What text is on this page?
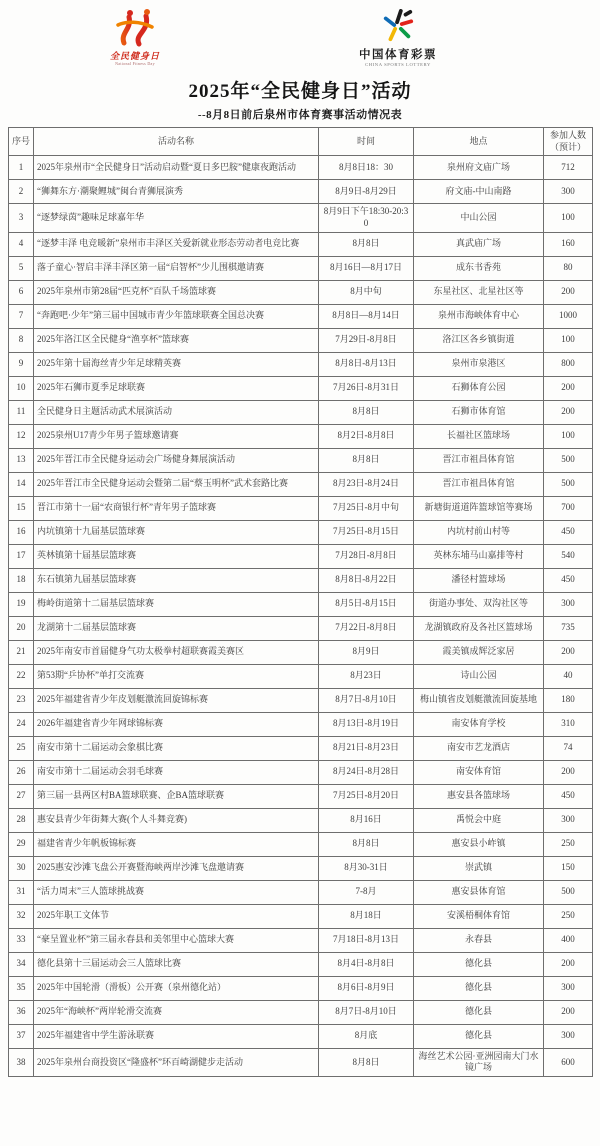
全民健身日
National Fitness Day
中国体育彩票
CHINA SPORTS LOTTERY
2025年“全民健身日”活动
--8月8日前后泉州市体育赛事活动情况表
序号	活动名称	时间	地点	参加人数（预计）
1	2025年泉州市“全民健身日”活动启动暨“夏日多巴胺”健康夜跑活动	8月8日18：30	泉州府文庙广场	712
2	“狮舞东方·潮聚鲤城”闽台青狮展演秀	8月9日-8月29日	府文庙-中山南路	300
3	“逐梦绿茵”趣味足球嘉年华	8月9日下午18:30-20:30	中山公园	100
4	“逐梦丰泽 电竞暖新”泉州市丰泽区关爱新就业形态劳动者电竞比赛	8月8日	真武庙广场	160
5	落子童心·智启丰泽丰泽区第一届“启智杯”少儿围棋邀请赛	8月16日—8月17日	成东书香苑	80
6	2025年泉州市第28届“匹克杯”百队千场篮球赛	8月中旬	东星社区、北星社区等	200
7	“奔跑吧·少年”第三届中国城市青少年篮球联赛全国总决赛	8月8日—8月14日	泉州市海峡体育中心	1000
8	2025年洛江区全民健身“渔享杯”篮球赛	7月29日-8月8日	洛江区各乡镇街道	100
9	2025年第十届海丝青少年足球精英赛	8月8日-8月13日	泉州市泉港区	800
10	2025年石狮市夏季足球联赛	7月26日-8月31日	石狮体育公园	200
11	全民健身日主题活动武术展演活动	8月8日	石狮市体育馆	200
12	2025泉州U17青少年男子篮球邀请赛	8月2日-8月8日	长福社区篮球场	100
13	2025年晋江市全民健身运动会广场健身舞展演活动	8月8日	晋江市祖昌体育馆	500
14	2025年晋江市全民健身运动会暨第二届“蔡玉明杯”武术套路比赛	8月23日-8月24日	晋江市祖昌体育馆	500
15	晋江市第十一届“农商银行杯”青年男子篮球赛	7月25日-8月中旬	新塘街道道阵篮球馆等赛场	700
16	内坑镇第十九届基层篮球赛	7月25日-8月15日	内坑村前山村等	450
17	英林镇第十届基层篮球赛	7月28日-8月8日	英林东埔马山嘉排等村	540
18	东石镇第九届基层篮球赛	8月8日-8月22日	潘径村篮球场	450
19	梅岭街道第十二届基层篮球赛	8月5日-8月15日	街道办事处、双沟社区等	300
20	龙湖第十二届基层篮球赛	7月22日-8月8日	龙湖镇政府及各社区篮球场	735
21	2025年南安市首届健身气功太极拳村超联赛霞美赛区	8月9日	霞美镇成辉泛家居	200
22	第53期“乒协杯”单打交流赛	8月23日	诗山公园	40
23	2025年福建省青少年皮划艇激流回旋锦标赛	8月7日-8月10日	梅山镇省皮划艇激流回旋基地	180
24	2026年福建省青少年网球锦标赛	8月13日-8月19日	南安体育学校	310
25	南安市第十二届运动会象棋比赛	8月21日-8月23日	南安市艺龙酒店	74
26	南安市第十二届运动会羽毛球赛	8月24日-8月28日	南安体育馆	200
27	第三届一县两区村BA篮球联赛、企BA篮球联赛	7月25日-8月20日	惠安县各篮球场	450
28	惠安县青少年街舞大赛(个人斗舞竞赛)	8月16日	禹悦会中庭	300
29	福建省青少年帆板锦标赛	8月8日	惠安县小岞镇	250
30	2025惠安沙滩飞盘公开赛暨海峡两岸沙滩飞盘邀请赛	8月30-31日	崇武镇	150
31	“活力周末”三人篮球挑战赛	7-8月	惠安县体育馆	500
32	2025年职工文体节	8月18日	安溪梧桐体育馆	250
33	“豪呈置业杯”第三届永春县和美邻里中心篮球大赛	7月18日-8月13日	永春县	400
34	德化县第十三届运动会三人篮球比赛	8月4日-8月8日	德化县	200
35	2025年中国轮滑（滑板）公开赛（泉州德化站）	8月6日-8月9日	德化县	300
36	2025年“海峡杯”两岸轮滑交流赛	8月7日-8月10日	德化县	200
37	2025年福建省中学生游泳联赛	8月底	德化县	300
38	2025年泉州台商投资区“隆盛杯”环百崎湖健步走活动	8月8日	海丝艺术公园·亚洲园南大门水镜广场	600
